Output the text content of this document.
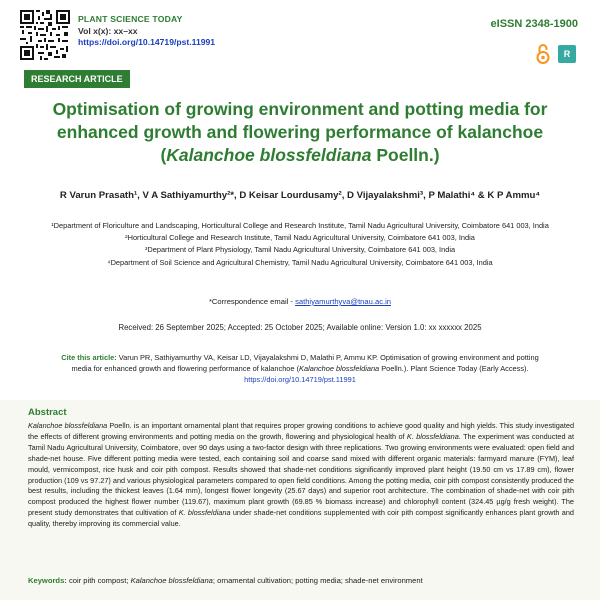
PLANT SCIENCE TODAY
Vol x(x): xx–xx
https://doi.org/10.14719/pst.11991
eISSN 2348-1900
R
RESEARCH ARTICLE
Optimisation of growing environment and potting media for
enhanced growth and flowering performance of kalanchoe
(Kalanchoe blossfeldiana Poelln.)
R Varun Prasath¹, V A Sathiyamurthy²*, D Keisar Lourdusamy², D Vijayalakshmi³, P Malathi⁴ & K P Ammu⁴

¹Department of Floriculture and Landscaping, Horticultural College and Research Institute, Tamil Nadu Agricultural University, Coimbatore 641 003, India

²Horticultural College and Research Institute, Tamil Nadu Agricultural University, Coimbatore 641 003, India

³Department of Plant Physiology, Tamil Nadu Agricultural University, Coimbatore 641 003, India

⁴Department of Soil Science and Agricultural Chemistry, Tamil Nadu Agricultural University, Coimbatore 641 003, India

*Correspondence email - sathiyamurthyva@tnau.ac.in
Received: 26 September 2025; Accepted: 25 October 2025; Available online: Version 1.0: xx xxxxxx 2025
Cite this article: Varun PR, Sathiyamurthy VA, Keisar LD, Vijayalakshmi D, Malathi P, Ammu KP. Optimisation of growing environment and potting media for enhanced growth and flowering performance of kalanchoe (Kalanchoe blossfeldiana Poelln.). Plant Science Today (Early Access).
https://doi.org/10.14719/pst.11991
Abstract
Kalanchoe blossfeldiana Poelln. is an important ornamental plant that requires proper growing conditions to achieve good quality and high yields. This study investigated the effects of different growing environments and potting media on the growth, flowering and physiological health of K. blossfeldiana. The experiment was conducted at Tamil Nadu Agricultural University, Coimbatore, over 90 days using a two-factor design with three replications. Two growing environments were evaluated: open field and shade-net house. Five different potting media were tested, each containing soil and coarse sand mixed with different organic materials: farmyard manure (FYM), leaf mould, vermicompost, rice husk and coir pith compost. Results showed that shade-net conditions significantly improved plant height (19.50 cm vs 17.89 cm), flower production (109 vs 97.27) and various physiological parameters compared to open field conditions. Among the potting media, coir pith compost consistently produced the best results, including the thickest leaves (1.64 mm), longest flower longevity (25.67 days) and superior root architecture. The combination of shade-net with coir pith compost produced the highest flower number (119.67), maximum plant growth (69.85 % biomass increase) and chlorophyll content (324.45 µg/g fresh weight). The present study demonstrates that cultivation of K. blossfeldiana under shade-net conditions supplemented with coir pith compost significantly enhances plant growth and quality, thereby improving its commercial value.
Keywords: coir pith compost; Kalanchoe blossfeldiana; ornamental cultivation; potting media; shade-net environment
